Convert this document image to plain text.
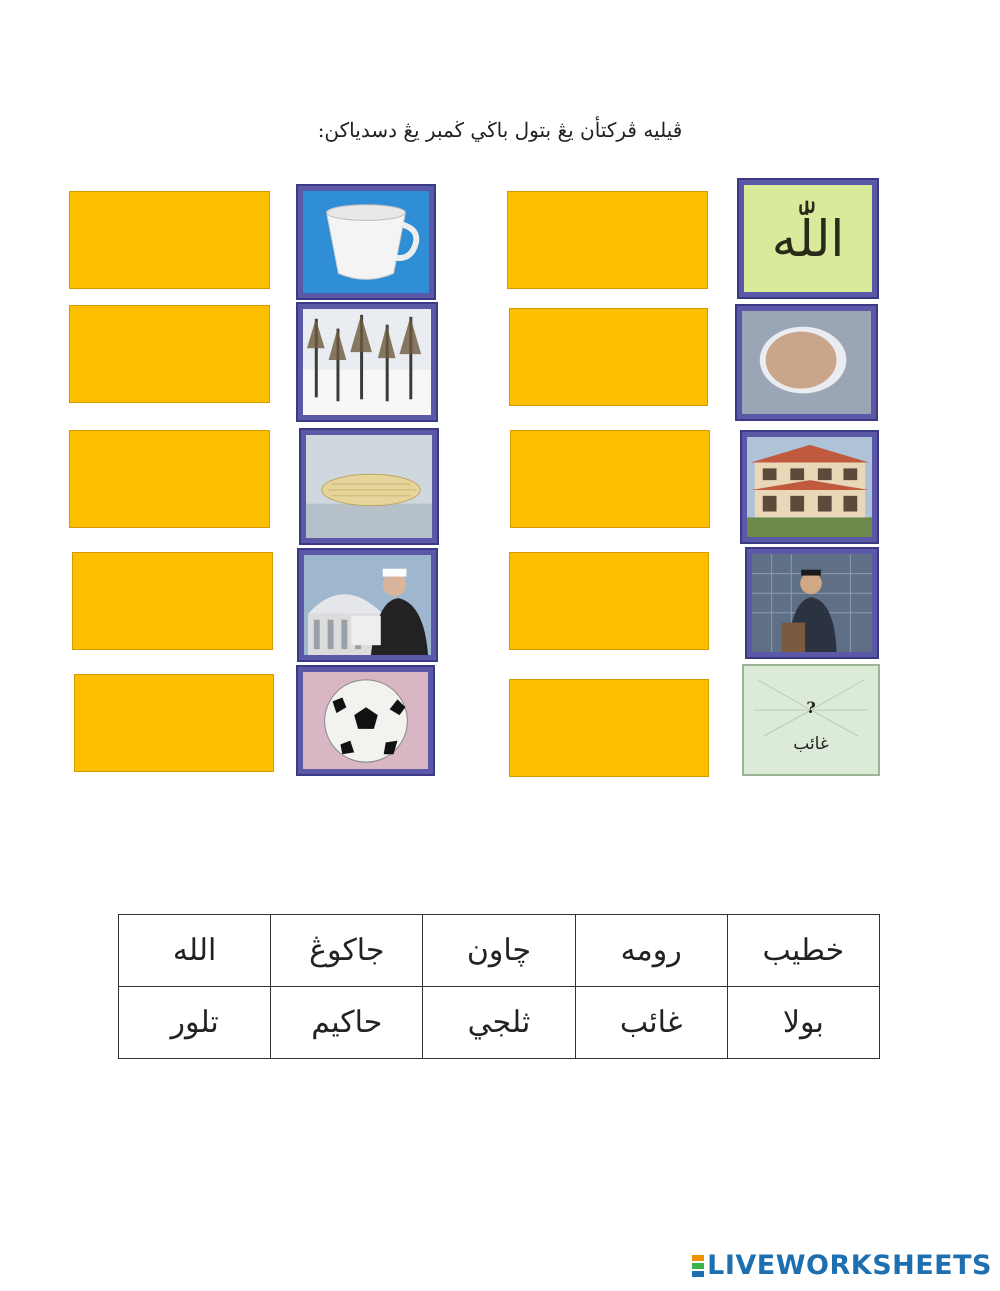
ڤيليه ڤركتأن يڠ بتول باڬي ڬمبر يڠ دسدياكن:
اللّٰه
?
غائب
الله	جاكوڠ	چاون	رومه	خطيب
تلور	حاكيم	ثلجي	غائب	بولا
LIVEWORKSHEETS
